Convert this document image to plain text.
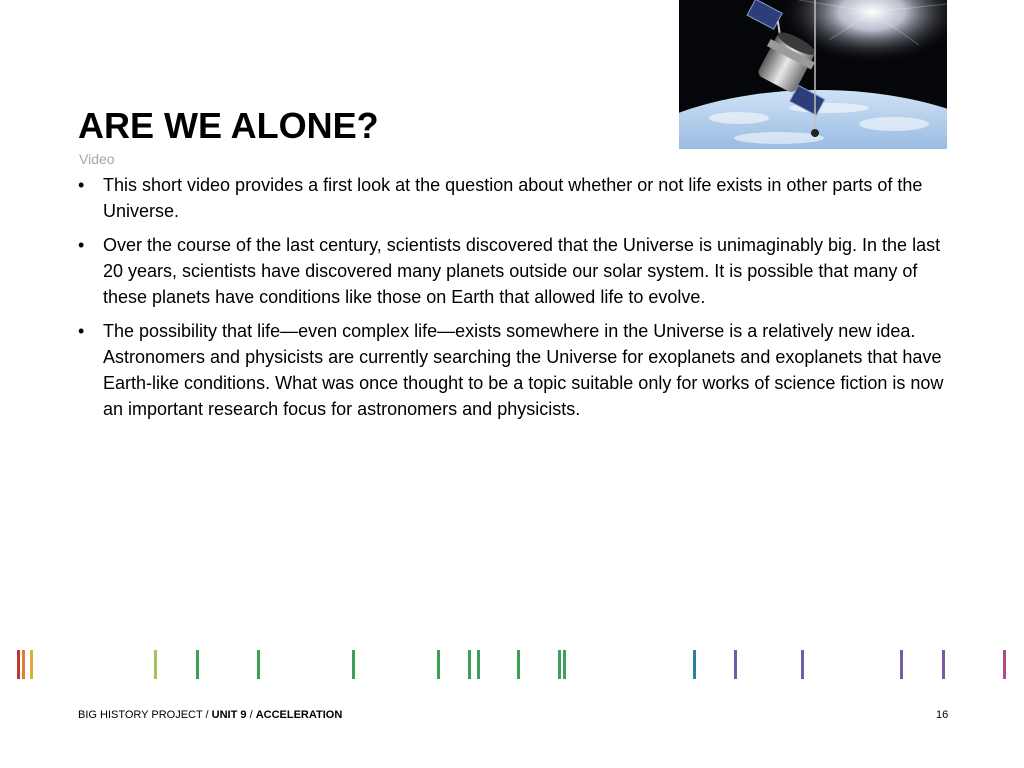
ARE WE ALONE?
Video
• This short video provides a first look at the question about whether or not life exists in other parts of the Universe.
• Over the course of the last century, scientists discovered that the Universe is unimaginably big. In the last 20 years, scientists have discovered many planets outside our solar system. It is possible that many of these planets have conditions like those on Earth that allowed life to evolve.
• The possibility that life—even complex life—exists somewhere in the Universe is a relatively new idea. Astronomers and physicists are currently searching the Universe for exoplanets and exoplanets that have Earth-like conditions. What was once thought to be a topic suitable only for works of science fiction is now an important research focus for astronomers and physicists.
BIG HISTORY PROJECT / UNIT 9 / ACCELERATION	16
